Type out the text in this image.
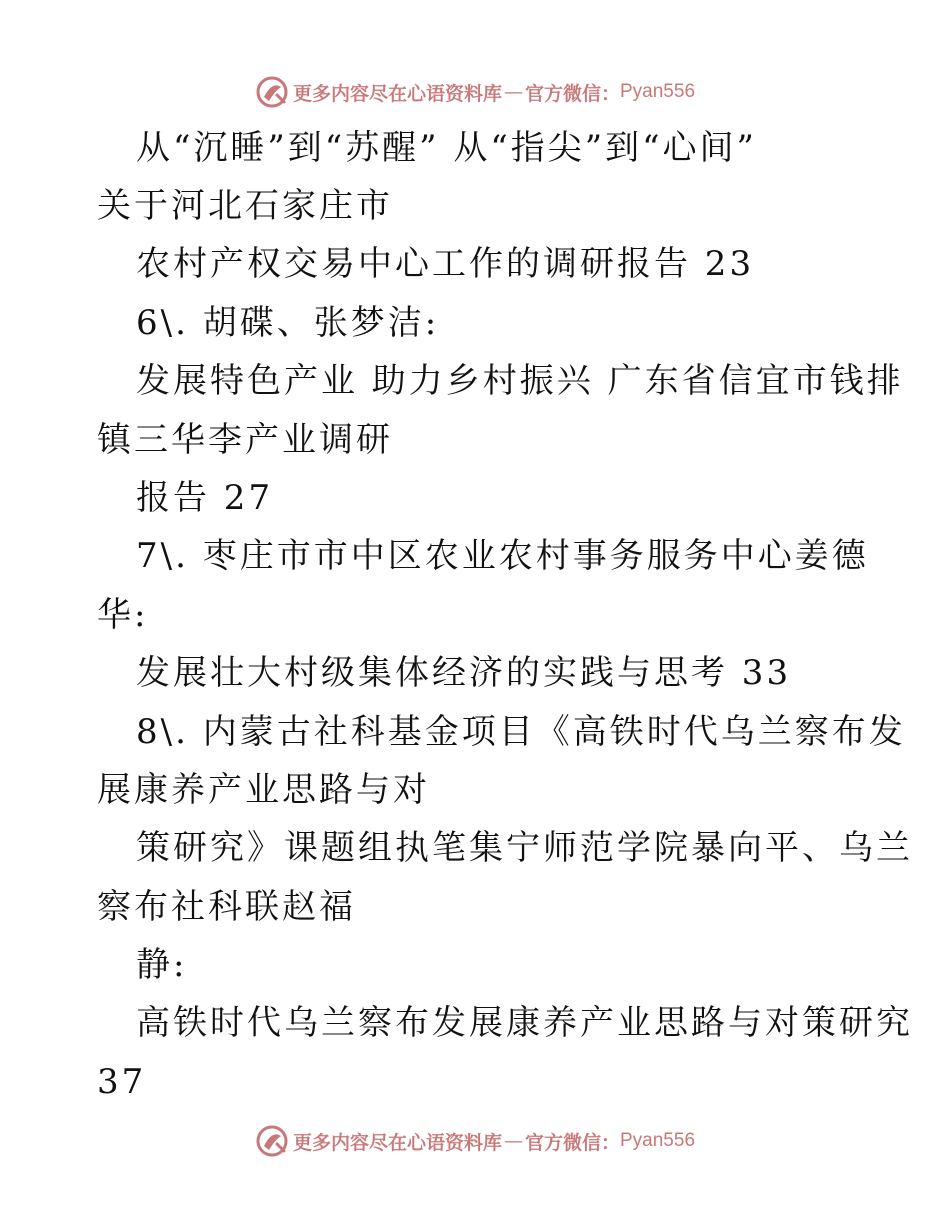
更多内容尽在心语资料库 — 官方微信： Pyan556
从“沉睡”到“苏醒” 从“指尖”到“心间”
关于河北石家庄市
农村产权交易中心工作的调研报告 23
6\. 胡碟、张梦洁:
发展特色产业 助力乡村振兴 广东省信宜市钱排
镇三华李产业调研
报告 27
7\. 枣庄市市中区农业农村事务服务中心姜德
华:
发展壮大村级集体经济的实践与思考 33
8\. 内蒙古社科基金项目《高铁时代乌兰察布发
展康养产业思路与对
策研究》课题组执笔集宁师范学院暴向平、乌兰
察布社科联赵福
静:
高铁时代乌兰察布发展康养产业思路与对策研究
37
更多内容尽在心语资料库 — 官方微信： Pyan556
